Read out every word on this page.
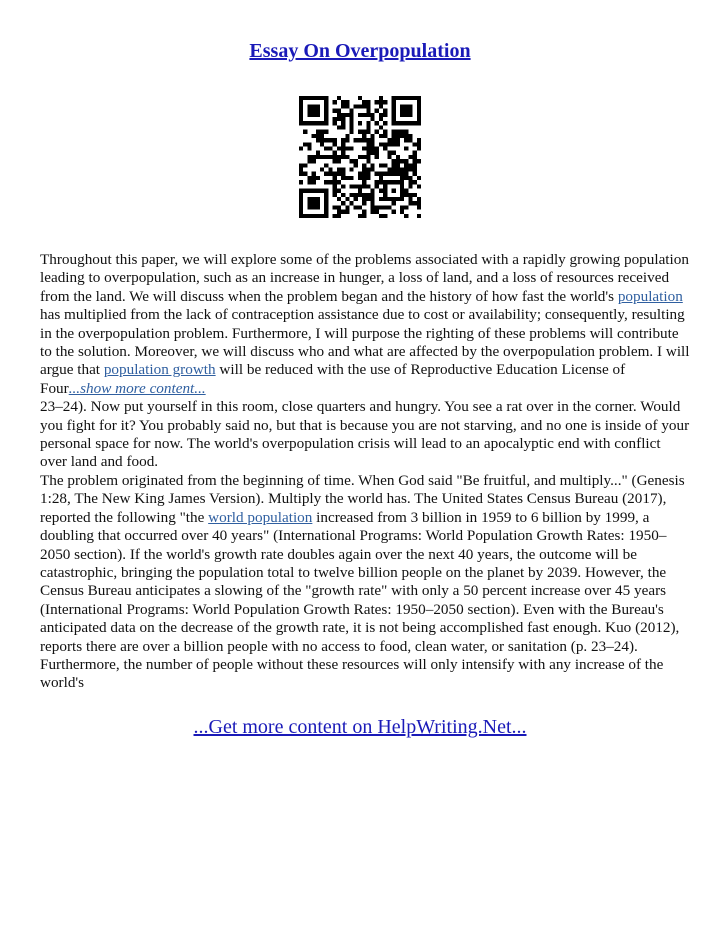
Essay On Overpopulation

Throughout this paper, we will explore some of the problems associated with a rapidly growing population leading to overpopulation, such as an increase in hunger, a loss of land, and a loss of resources received from the land. We will discuss when the problem began and the history of how fast the world's population has multiplied from the lack of contraception assistance due to cost or availability; consequently, resulting in the overpopulation problem. Furthermore, I will purpose the righting of these problems will contribute to the solution. Moreover, we will discuss who and what are affected by the overpopulation problem. I will argue that population growth will be reduced with the use of Reproductive Education License of Four...show more content...
23–24). Now put yourself in this room, close quarters and hungry. You see a rat over in the corner. Would you fight for it? You probably said no, but that is because you are not starving, and no one is inside of your personal space for now. The world's overpopulation crisis will lead to an apocalyptic end with conflict over land and food.

The problem originated from the beginning of time. When God said "Be fruitful, and multiply..." (Genesis 1:28, The New King James Version). Multiply the world has. The United States Census Bureau (2017), reported the following "the world population increased from 3 billion in 1959 to 6 billion by 1999, a doubling that occurred over 40 years" (International Programs: World Population Growth Rates: 1950–2050 section). If the world's growth rate doubles again over the next 40 years, the outcome will be catastrophic, bringing the population total to twelve billion people on the planet by 2039. However, the Census Bureau anticipates a slowing of the "growth rate" with only a 50 percent increase over 45 years (International Programs: World Population Growth Rates: 1950–2050 section). Even with the Bureau's anticipated data on the decrease of the growth rate, it is not being accomplished fast enough. Kuo (2012), reports there are over a billion people with no access to food, clean water, or sanitation (p. 23–24). Furthermore, the number of people without these resources will only intensify with any increase of the world's

...Get more content on HelpWriting.Net...
